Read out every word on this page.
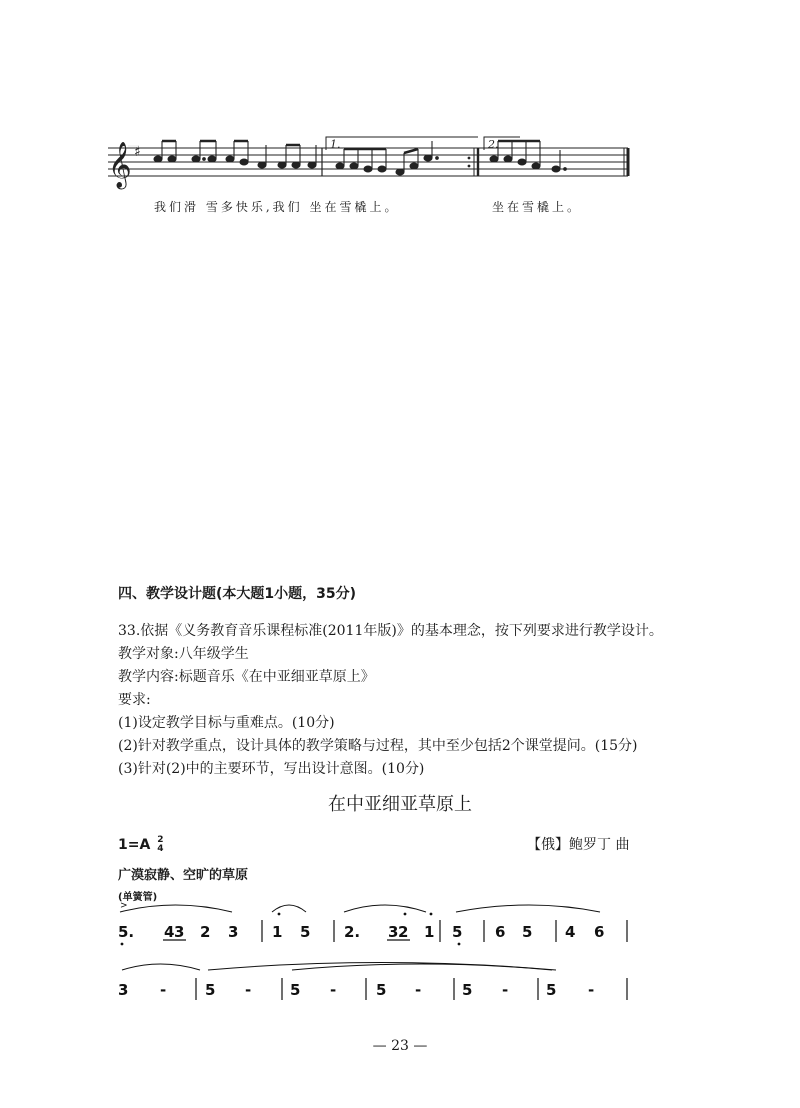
𝄞 ♯	1.	2.
我们滑 雪多快乐,我们 坐在雪橇上。	坐在雪橇上。
四、教学设计题(本大题1小题，35分)
33.依据《义务教育音乐课程标准(2011年版)》的基本理念，按下列要求进行教学设计。
教学对象:八年级学生
教学内容:标题音乐《在中亚细亚草原上》
要求:
(1)设定教学目标与重难点。(10分)
(2)针对教学重点，设计具体的教学策略与过程，其中至少包括2个课堂提问。(15分)
(3)针对(2)中的主要环节，写出设计意图。(10分)
在中亚细亚草原上
1=A 2
4	【俄】鲍罗丁 曲
广漠寂静、空旷的草原
(单簧管)
5. 4 3 2 3 1 5 2. 3 2 1 5 6 5 4 6
3 -	5 -	5 -	5 -	5 -	5 -
>
— 23 —
